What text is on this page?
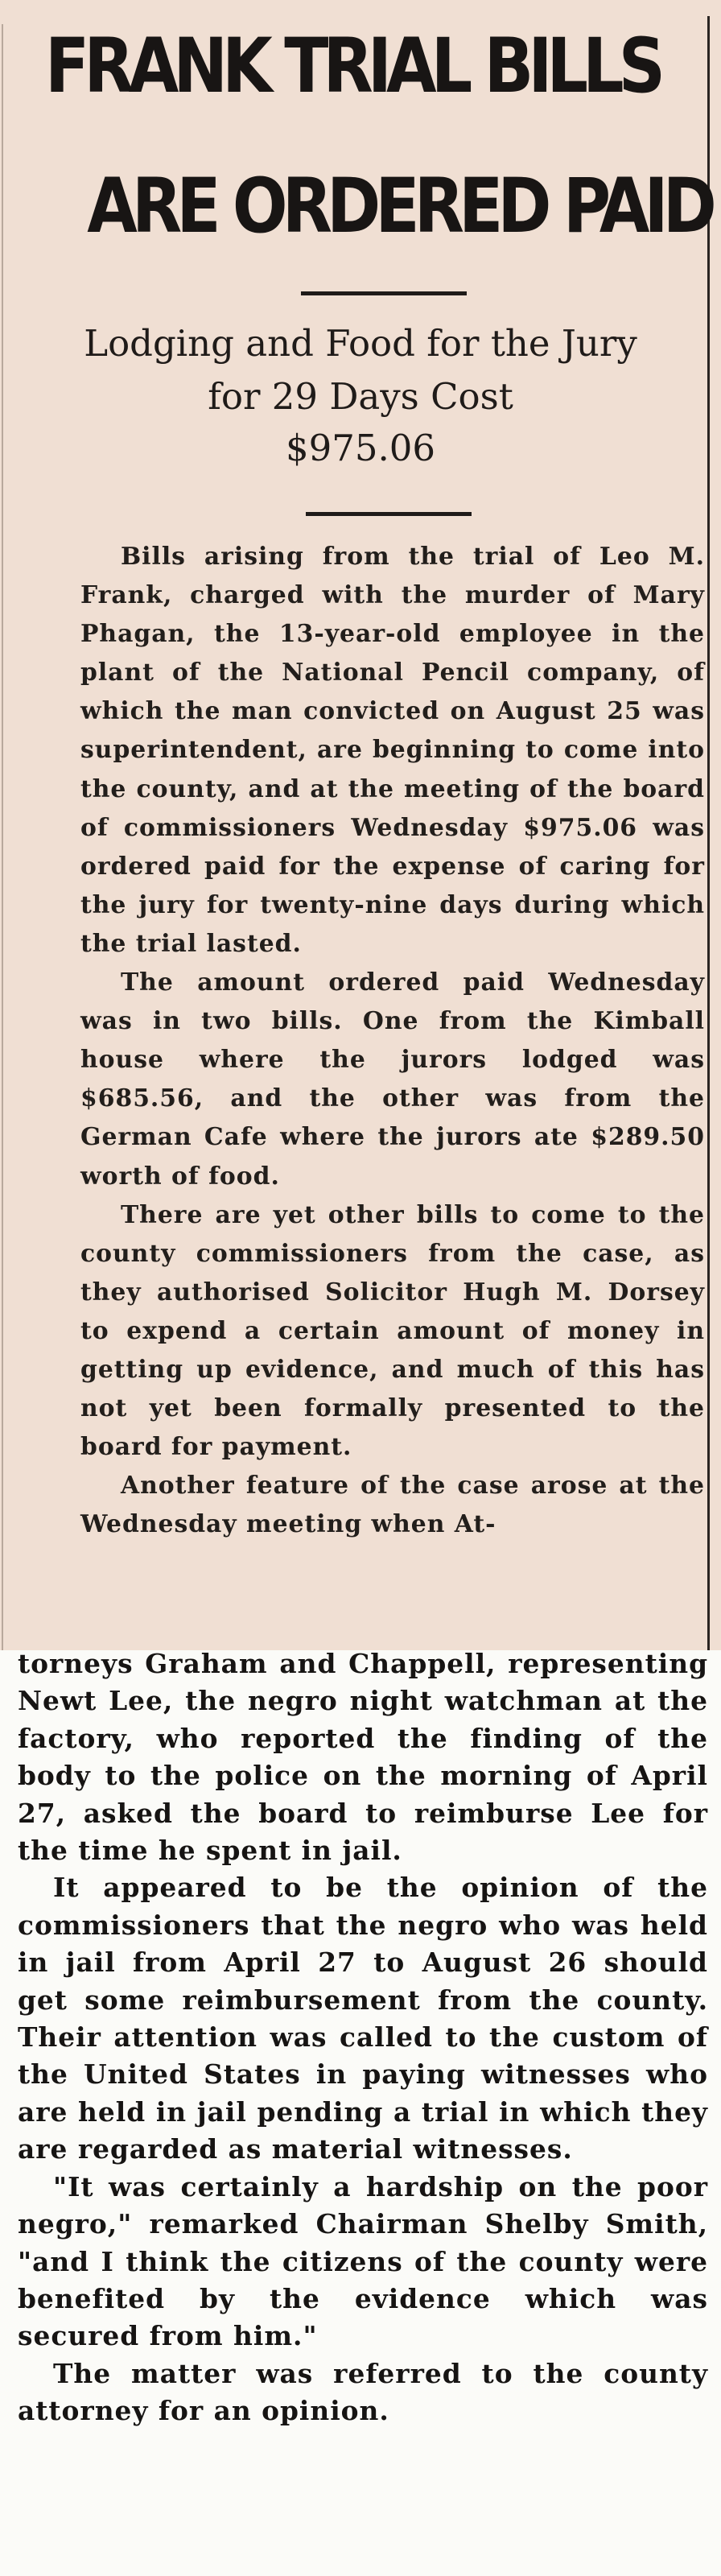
FRANK TRIAL BILLS
ARE ORDERED PAID
Lodging and Food for the Jury
for 29 Days Cost
$975.06

Bills arising from the trial of Leo M. Frank, charged with the murder of Mary Phagan, the 13-year-old employee in the plant of the National Pencil company, of which the man convicted on August 25 was superintendent, are beginning to come into the county, and at the meeting of the board of commissioners Wednesday $975.06 was ordered paid for the expense of caring for the jury for twenty-nine days during which the trial lasted.

The amount ordered paid Wednesday was in two bills. One from the Kimball house where the jurors lodged was $685.56, and the other was from the German Cafe where the jurors ate $289.50 worth of food.

There are yet other bills to come to the county commissioners from the case, as they authorised Solicitor Hugh M. Dorsey to expend a certain amount of money in getting up evidence, and much of this has not yet been formally presented to the board for payment.

Another feature of the case arose at the Wednesday meeting when At-

torneys Graham and Chappell, representing Newt Lee, the negro night watchman at the factory, who reported the finding of the body to the police on the morning of April 27, asked the board to reimburse Lee for the time he spent in jail.

It appeared to be the opinion of the commissioners that the negro who was held in jail from April 27 to August 26 should get some reimbursement from the county. Their attention was called to the custom of the United States in paying witnesses who are held in jail pending a trial in which they are regarded as material witnesses.

"It was certainly a hardship on the poor negro," remarked Chairman Shelby Smith, "and I think the citizens of the county were benefited by the evidence which was secured from him."

The matter was referred to the county attorney for an opinion.
